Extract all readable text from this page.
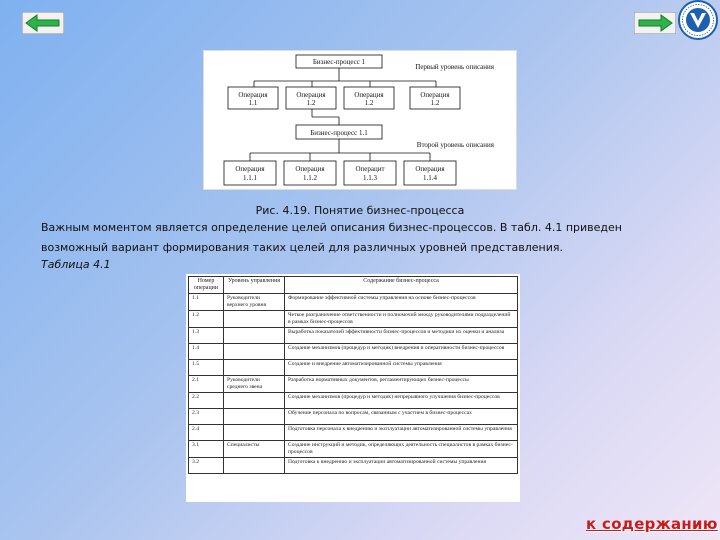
Бизнес-процесс 1
Первый уровень описания
Бизнес-процесс 1.1
Второй уровень описания
Операция
1.1
Операция
1.2
Операция
1.2
Операция
1.2
Операция
1.1.1
Операция
1.1.2
Операцит
1.1.3
Операция
1.1.4
Рис. 4.19. Понятие бизнес-процесса
Важным моментом является определение целей описания бизнес-процессов. В табл. 4.1 приведен
возможный вариант формирования таких целей для различных уровней представления.
Таблица 4.1
Номер операции	Уровень управления	Содержание бизнес-процесса
1.1	Руководители верхнего уровня	Формирование эффективной системы управления на основе бизнес-процессов
1.2		Четкое разграничение ответственности и полномочий между руководителями подразделений в рамках бизнес-процессов
1.3		Выработка показателей эффективности бизнес-процессов и методики их оценки и анализа
1.4		Создание механизмов (процедур и методик) внедрения и оперативности бизнес-процессов
1.5		Создание и внедрение автоматизированной системы управления
2.1	Руководители среднего звена	Разработка нормативных документов, регламентирующих бизнес-процессы
2.2		Создание механизмов (процедур и методик) непрерывного улучшения бизнес-процессов
2.3		Обучение персонала по вопросам, связанным с участием в бизнес-процессах
2.4		Подготовка персонала к внедрению и эксплуатации автоматизированной системы управления
3.1	Специалисты	Создание инструкций и методик, определяющих деятельность специалистов в рамках бизнес-процессов
3.2		Подготовка к внедрению и эксплуатации автоматизированной системы управления
к содержанию
